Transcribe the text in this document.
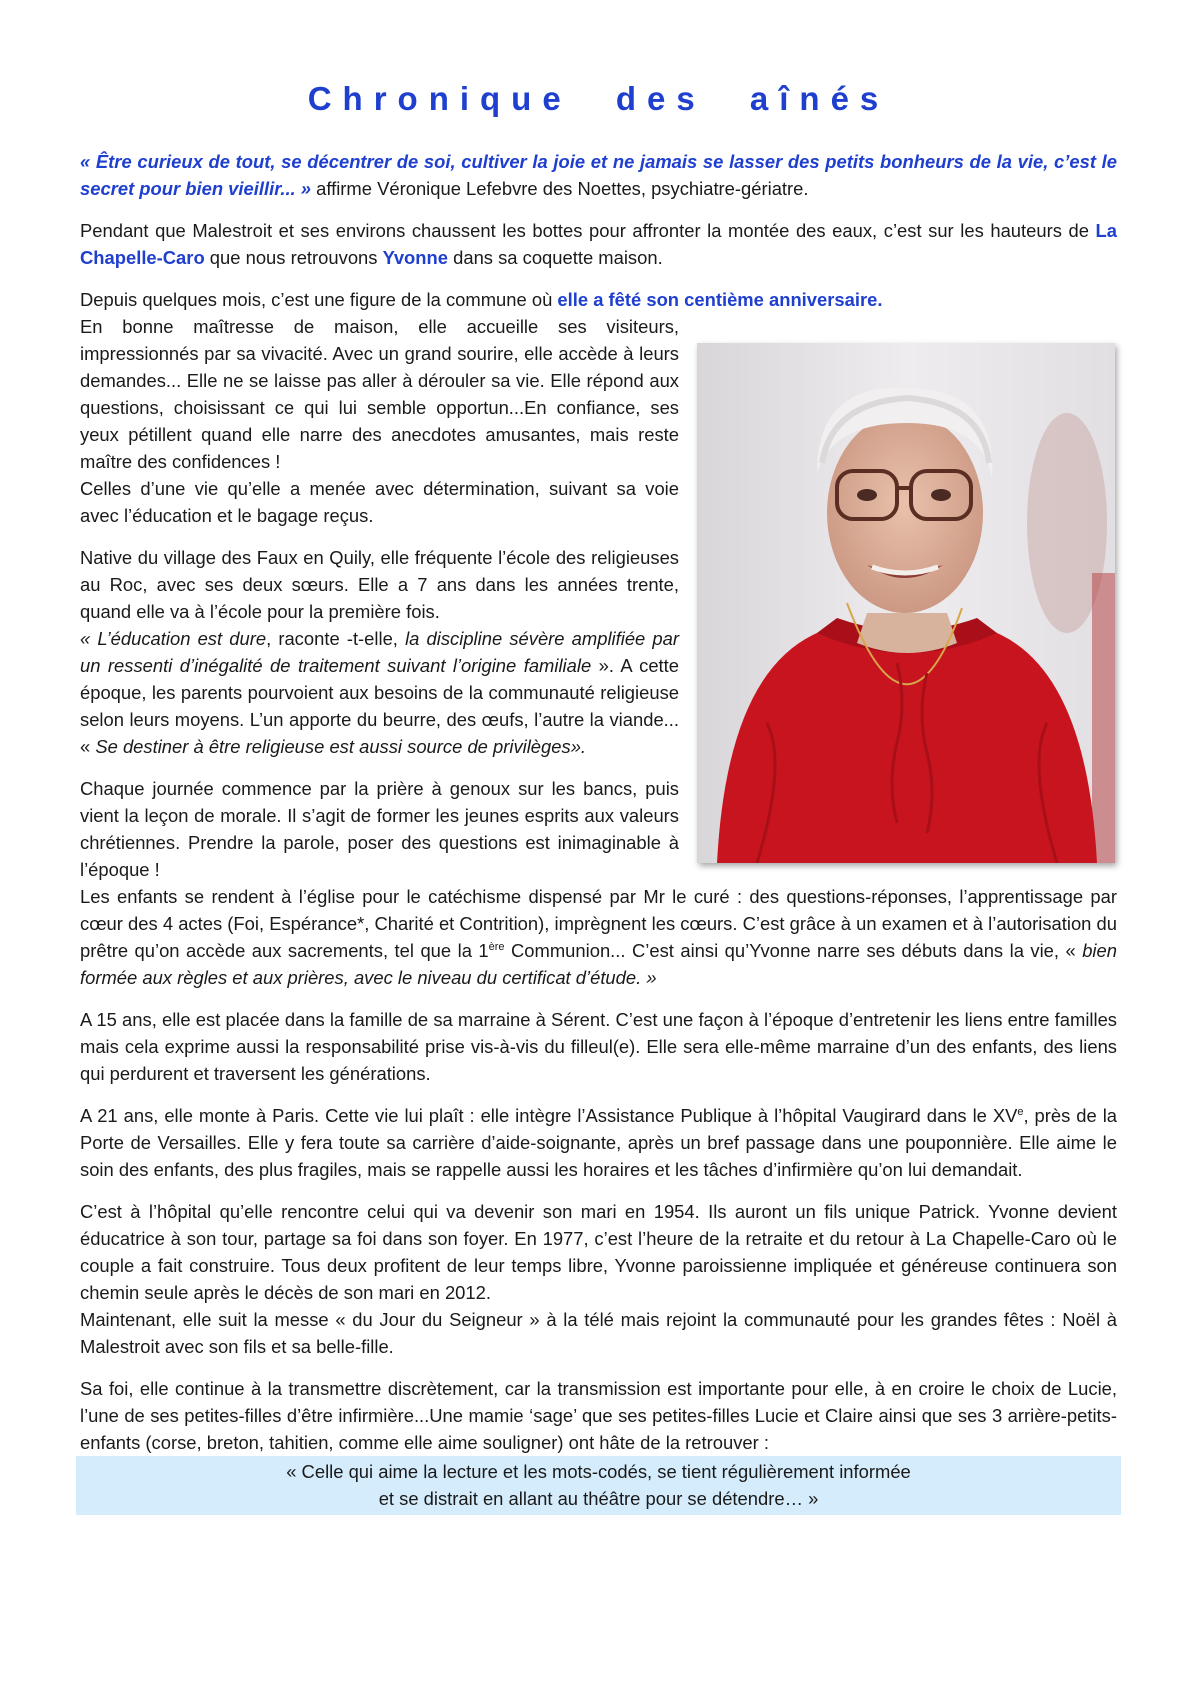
Chronique des aînés

« Être curieux de tout, se décentrer de soi, cultiver la joie et ne jamais se lasser des petits bonheurs de la vie, c’est le secret pour bien vieillir... » affirme Véronique Lefebvre des Noettes, psychiatre-gériatre.

Pendant que Malestroit et ses environs chaussent les bottes pour affronter la montée des eaux, c’est sur les hauteurs de La Chapelle-Caro que nous retrouvons Yvonne dans sa coquette maison.

Depuis quelques mois, c’est une figure de la commune où elle a fêté son centième anniversaire.

En bonne maîtresse de maison, elle accueille ses visiteurs, impressionnés par sa vivacité. Avec un grand sourire, elle accède à leurs demandes... Elle ne se laisse pas aller à dérouler sa vie. Elle répond aux questions, choisissant ce qui lui semble opportun...En confiance, ses yeux pétillent quand elle narre des anecdotes amusantes, mais reste maître des confidences !

Celles d’une vie qu’elle a menée avec détermination, suivant sa voie avec l’éducation et le bagage reçus.

Native du village des Faux en Quily, elle fréquente l’école des religieuses au Roc, avec ses deux sœurs. Elle a 7 ans dans les années trente, quand elle va à l’école pour la première fois.
« L’éducation est dure, raconte -t-elle, la discipline sévère amplifiée par un ressenti d’inégalité de traitement suivant l’origine familiale ». A cette époque, les parents pourvoient aux besoins de la communauté religieuse selon leurs moyens. L’un apporte du beurre, des œufs, l’autre la viande... « Se destiner à être religieuse est aussi source de privilèges».

Chaque journée commence par la prière à genoux sur les bancs, puis vient la leçon de morale. Il s’agit de former les jeunes esprits aux valeurs chrétiennes. Prendre la parole, poser des questions est inimaginable à l’époque !

Les enfants se rendent à l’église pour le catéchisme dispensé par Mr le curé : des questions-réponses, l’apprentissage par cœur des 4 actes (Foi, Espérance*, Charité et Contrition), imprègnent les cœurs. C’est grâce à un examen et à l’autorisation du prêtre qu’on accède aux sacrements, tel que la 1ère Communion... C’est ainsi qu’Yvonne narre ses débuts dans la vie, « bien formée aux règles et aux prières, avec le niveau du certificat d’étude. »

A 15 ans, elle est placée dans la famille de sa marraine à Sérent. C’est une façon à l’époque d’entretenir les liens entre familles mais cela exprime aussi la responsabilité prise vis-à-vis du filleul(e). Elle sera elle-même marraine d’un des enfants, des liens qui perdurent et traversent les générations.

A 21 ans, elle monte à Paris. Cette vie lui plaît : elle intègre l’Assistance Publique à l’hôpital Vaugirard dans le XVe, près de la Porte de Versailles. Elle y fera toute sa carrière d’aide-soignante, après un bref passage dans une pouponnière. Elle aime le soin des enfants, des plus fragiles, mais se rappelle aussi les horaires et les tâches d’infirmière qu’on lui demandait.

C’est à l’hôpital qu’elle rencontre celui qui va devenir son mari en 1954. Ils auront un fils unique Patrick. Yvonne devient éducatrice à son tour, partage sa foi dans son foyer. En 1977, c’est l’heure de la retraite et du retour à La Chapelle-Caro où le couple a fait construire. Tous deux profitent de leur temps libre, Yvonne paroissienne impliquée et généreuse continuera son chemin seule après le décès de son mari en 2012.

Maintenant, elle suit la messe « du Jour du Seigneur » à la télé mais rejoint la communauté pour les grandes fêtes : Noël à Malestroit avec son fils et sa belle-fille.

Sa foi, elle continue à la transmettre discrètement, car la transmission est importante pour elle, à en croire le choix de Lucie, l’une de ses petites-filles d’être infirmière...Une mamie ‘sage’ que ses petites-filles Lucie et Claire ainsi que ses 3 arrière-petits-enfants (corse, breton, tahitien, comme elle aime souligner) ont hâte de la retrouver :

« Celle qui aime la lecture et les mots-codés, se tient régulièrement informée
et se distrait en allant au théâtre pour se détendre… »
